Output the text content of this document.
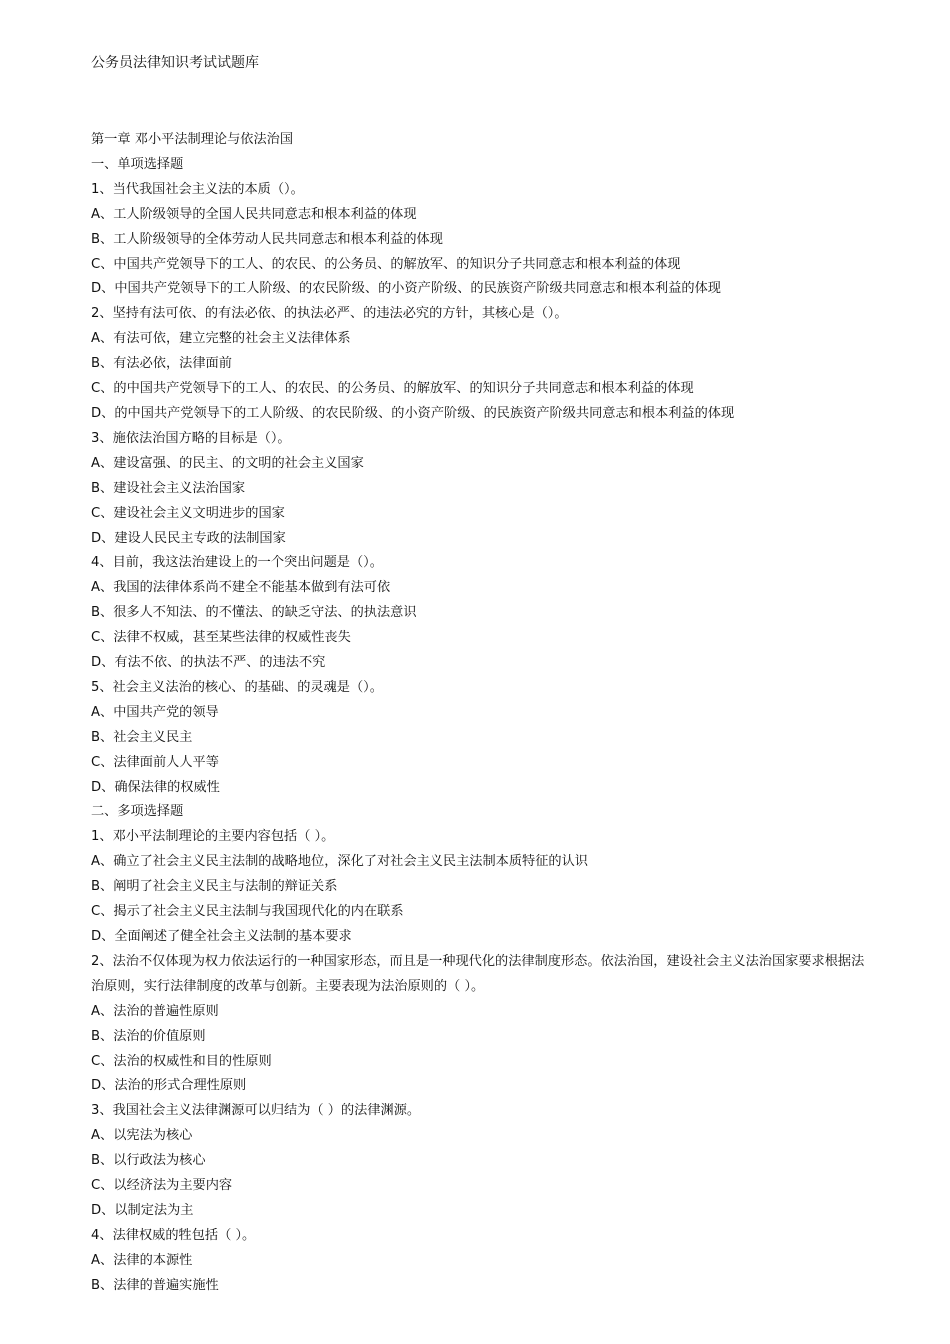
公务员法律知识考试试题库
第一章 邓小平法制理论与依法治国
一、单项选择题
1、当代我国社会主义法的本质（）。
A、工人阶级领导的全国人民共同意志和根本利益的体现
B、工人阶级领导的全体劳动人民共同意志和根本利益的体现
C、中国共产党领导下的工人、的农民、的公务员、的解放军、的知识分子共同意志和根本利益的体现
D、中国共产党领导下的工人阶级、的农民阶级、的小资产阶级、的民族资产阶级共同意志和根本利益的体现
2、坚持有法可依、的有法必依、的执法必严、的违法必究的方针，其核心是（）。
A、有法可依，建立完整的社会主义法律体系
B、有法必依，法律面前
C、的中国共产党领导下的工人、的农民、的公务员、的解放军、的知识分子共同意志和根本利益的体现
D、的中国共产党领导下的工人阶级、的农民阶级、的小资产阶级、的民族资产阶级共同意志和根本利益的体现
3、施依法治国方略的目标是（）。
A、建设富强、的民主、的文明的社会主义国家
B、建设社会主义法治国家
C、建设社会主义文明进步的国家
D、建设人民民主专政的法制国家
4、目前，我这法治建设上的一个突出问题是（）。
A、我国的法律体系尚不建全不能基本做到有法可依
B、很多人不知法、的不懂法、的缺乏守法、的执法意识
C、法律不权威，甚至某些法律的权威性丧失
D、有法不依、的执法不严、的违法不究
5、社会主义法治的核心、的基础、的灵魂是（）。
A、中国共产党的领导
B、社会主义民主
C、法律面前人人平等
D、确保法律的权威性
二、多项选择题
1、邓小平法制理论的主要内容包括（ ）。
A、确立了社会主义民主法制的战略地位，深化了对社会主义民主法制本质特征的认识
B、阐明了社会主义民主与法制的辩证关系
C、揭示了社会主义民主法制与我国现代化的内在联系
D、全面阐述了健全社会主义法制的基本要求
2、法治不仅体现为权力依法运行的一种国家形态，而且是一种现代化的法律制度形态。依法治国，建设社会主义法治国家要求根据法治原则，实行法律制度的改革与创新。主要表现为法治原则的（ ）。
A、法治的普遍性原则
B、法治的价值原则
C、法治的权威性和目的性原则
D、法治的形式合理性原则
3、我国社会主义法律渊源可以归结为（ ）的法律渊源。
A、以宪法为核心
B、以行政法为核心
C、以经济法为主要内容
D、以制定法为主
4、法律权威的牲包括（ ）。
A、法律的本源性
B、法律的普遍实施性
